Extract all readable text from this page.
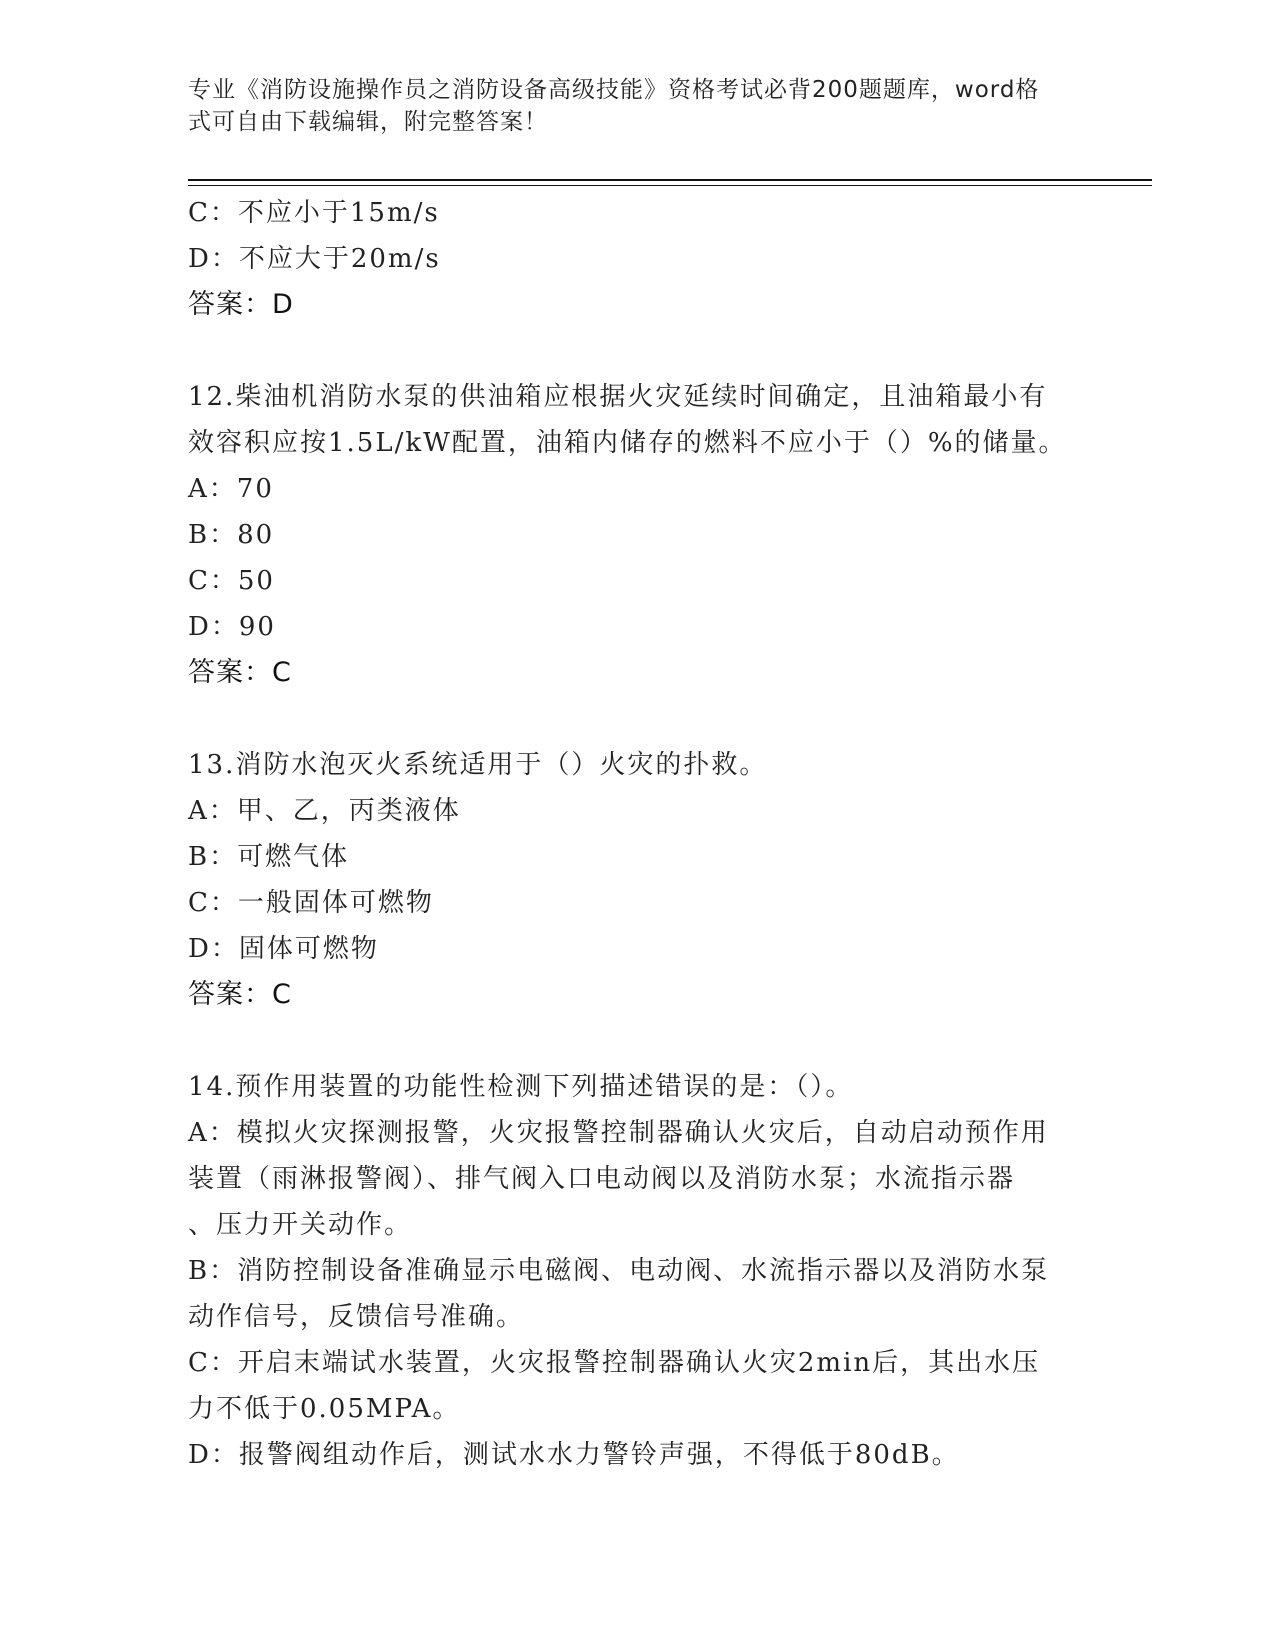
专业《消防设施操作员之消防设备高级技能》资格考试必背200题题库，word格
式可自由下载编辑，附完整答案！
C：不应小于15m/s
D：不应大于20m/s
答案：D
12.柴油机消防水泵的供油箱应根据火灾延续时间确定，且油箱最小有
效容积应按1.5L/kW配置，油箱内储存的燃料不应小于（）%的储量。
A：70
B：80
C：50
D：90
答案：C
13.消防水泡灭火系统适用于（）火灾的扑救。
A：甲、乙，丙类液体
B：可燃气体
C：一般固体可燃物
D：固体可燃物
答案：C
14.预作用装置的功能性检测下列描述错误的是：（）。
A：模拟火灾探测报警，火灾报警控制器确认火灾后，自动启动预作用
装置（雨淋报警阀）、排气阀入口电动阀以及消防水泵；水流指示器
、压力开关动作。
B：消防控制设备准确显示电磁阀、电动阀、水流指示器以及消防水泵
动作信号，反馈信号准确。
C：开启末端试水装置，火灾报警控制器确认火灾2min后，其出水压
力不低于0.05MPA。
D：报警阀组动作后，测试水水力警铃声强，不得低于80dB。
